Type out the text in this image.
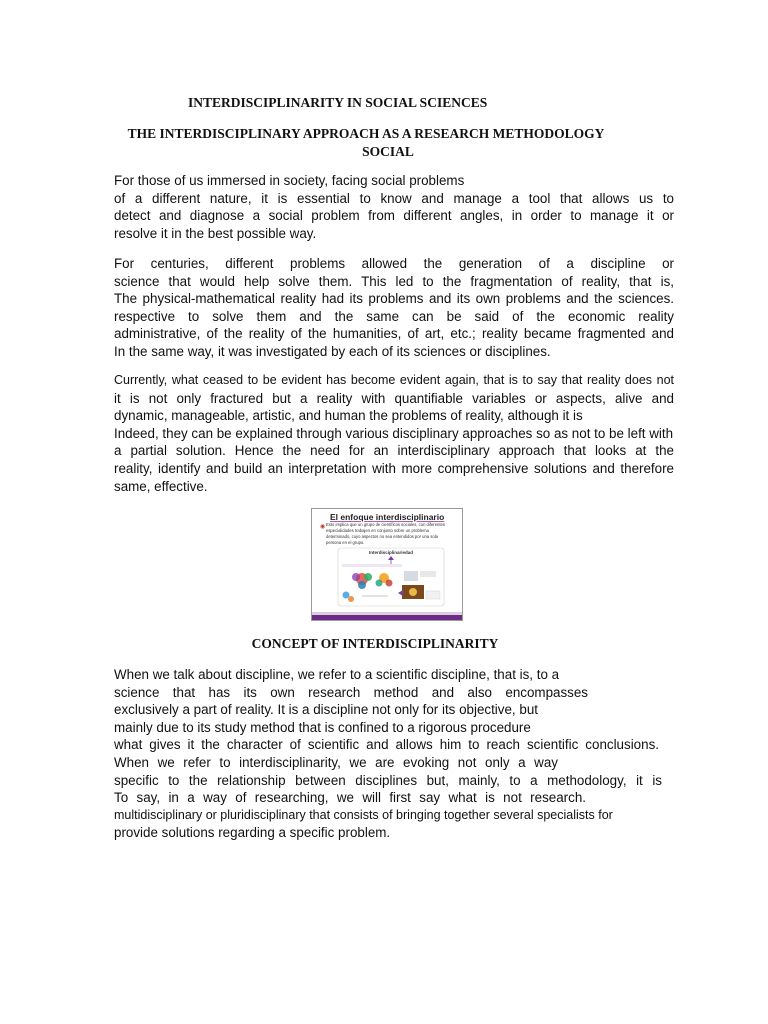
INTERDISCIPLINARITY IN SOCIAL SCIENCES
THE INTERDISCIPLINARY APPROACH AS A RESEARCH METHODOLOGY
SOCIAL
For those of us immersed in society, facing social problems
of a different nature, it is essential to know and manage a tool that allows us to
detect and diagnose a social problem from different angles, in order to manage it or
resolve it in the best possible way.
For centuries, different problems allowed the generation of a discipline or
science that would help solve them. This led to the fragmentation of reality, that is,
The physical-mathematical reality had its problems and its own problems and the sciences.
respective to solve them and the same can be said of the economic reality
administrative, of the reality of the humanities, of art, etc.; reality became fragmented and
In the same way, it was investigated by each of its sciences or disciplines.
Currently, what ceased to be evident has become evident again, that is to say that reality does not
it is not only fractured but a reality with quantifiable variables or aspects, alive and
dynamic, manageable, artistic, and human the problems of reality, although it is
Indeed, they can be explained through various disciplinary approaches so as not to be left with
a partial solution. Hence the need for an interdisciplinary approach that looks at the
reality, identify and build an interpretation with more comprehensive solutions and therefore
same, effective.
El enfoque interdisciplinario
◉ Esto implica que un grupo de científicos sociales, con diferentes especialidades trabajen en conjunto sobre un problema determinado, cuyo aspectos no sea entendidos por una sola persona en el grupo.
Interdisciplinariedad
CONCEPT OF INTERDISCIPLINARITY
When we talk about discipline, we refer to a scientific discipline, that is, to a
science that has its own research method and also encompasses
exclusively a part of reality. It is a discipline not only for its objective, but
mainly due to its study method that is confined to a rigorous procedure
what gives it the character of scientific and allows him to reach scientific conclusions.
When we refer to interdisciplinarity, we are evoking not only a way
specific to the relationship between disciplines but, mainly, to a methodology, it is
To say, in a way of researching, we will first say what is not research.
multidisciplinary or pluridisciplinary that consists of bringing together several specialists for
provide solutions regarding a specific problem.
